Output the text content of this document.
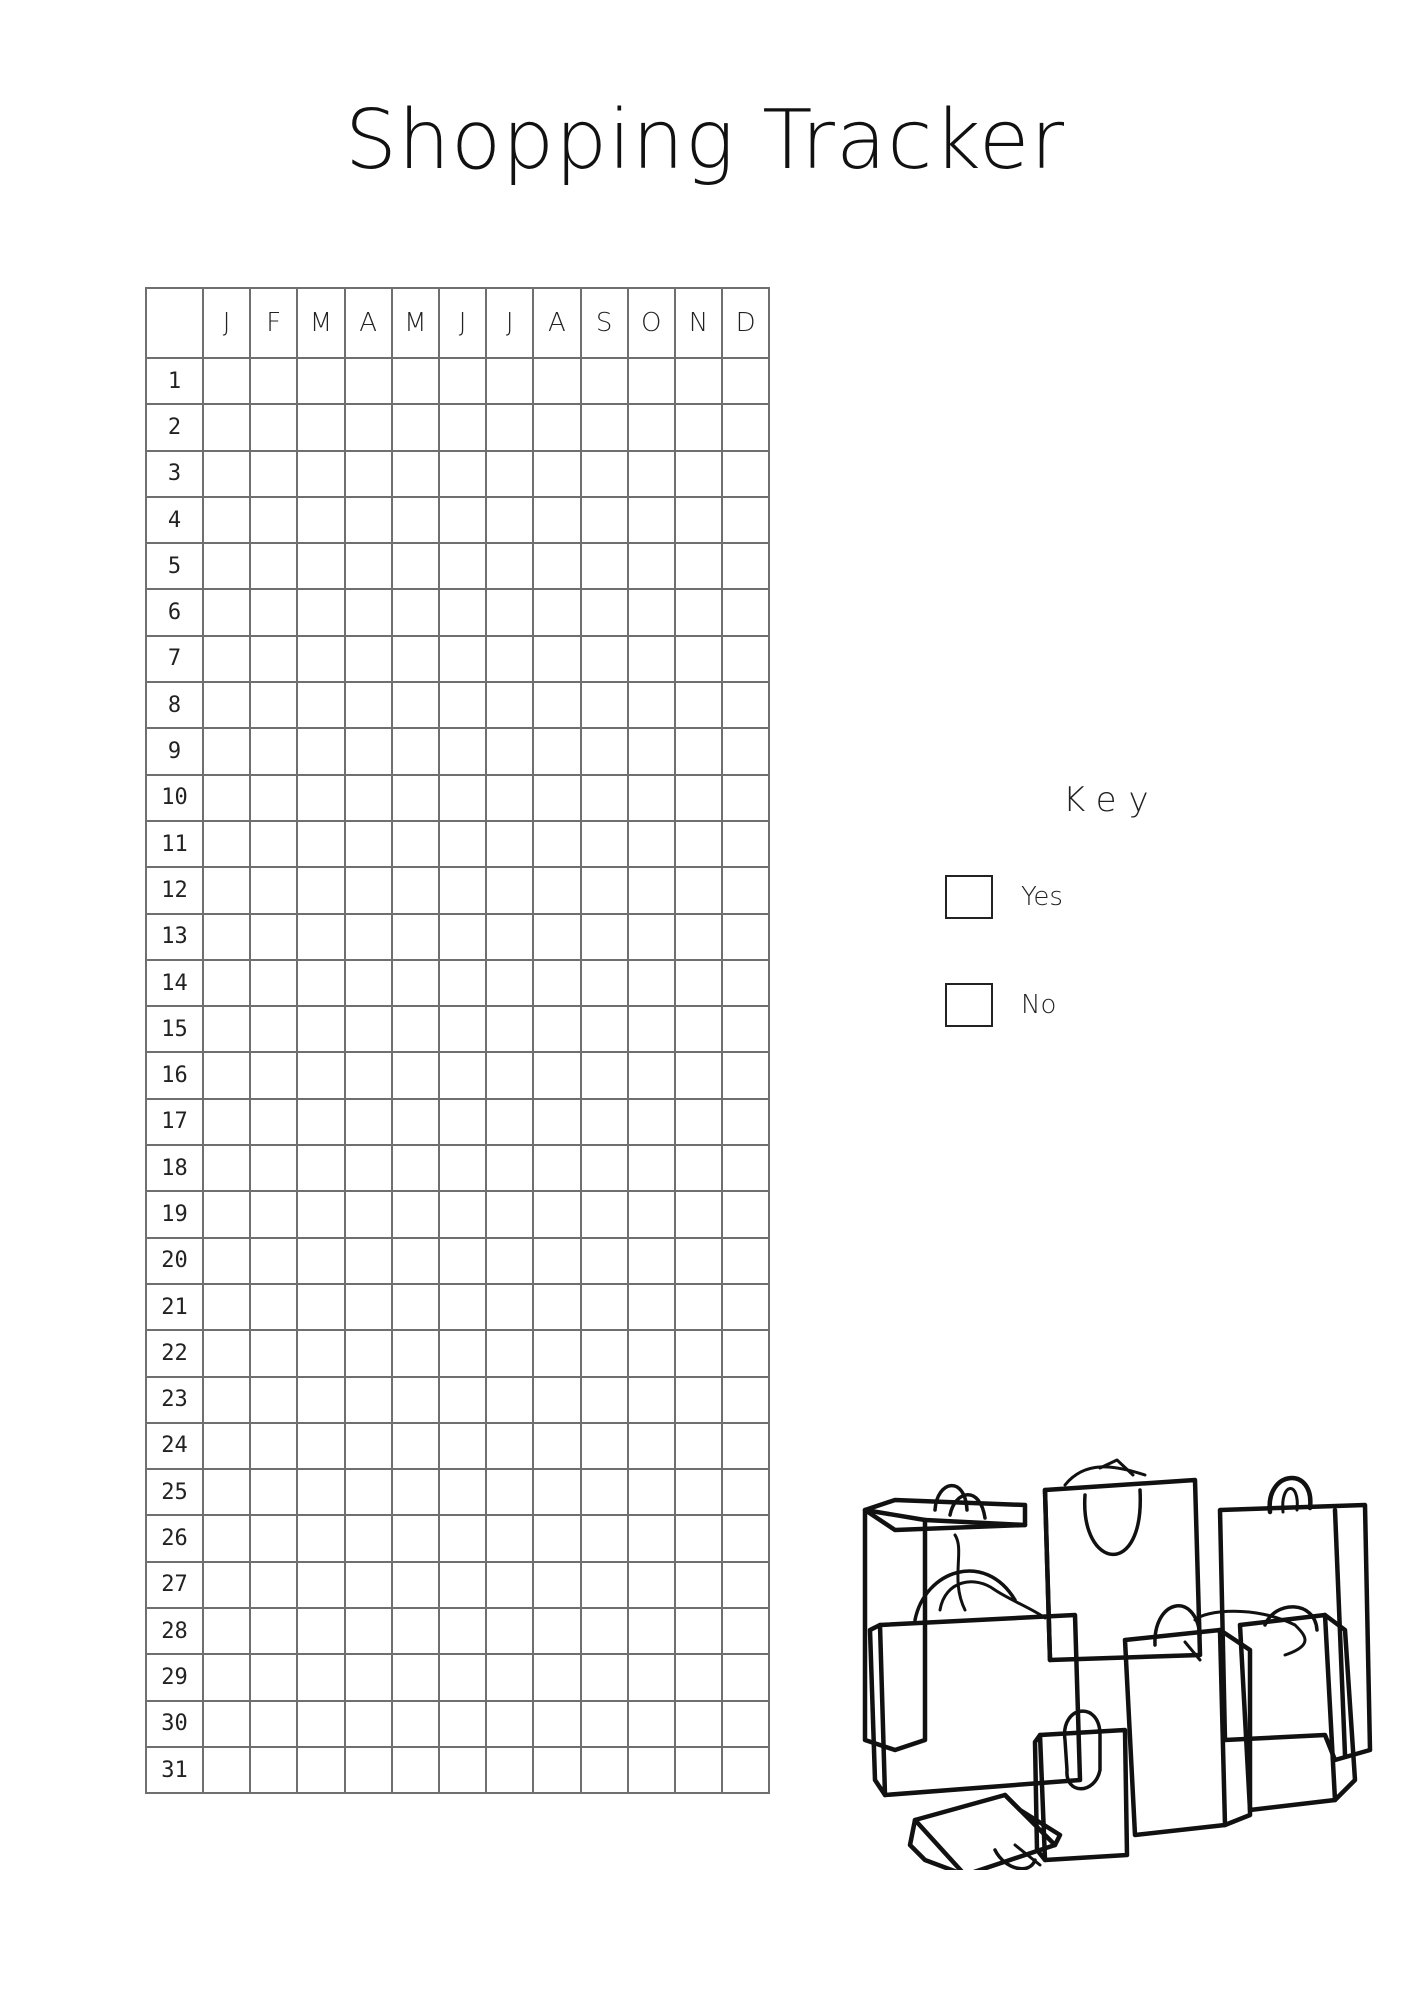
Shopping Tracker
	J	F	M	A	M	J	J	A	S	O	N	D
1												
2												
3												
4												
5												
6												
7												
8												
9												
10												
11												
12												
13												
14												
15												
16												
17												
18												
19												
20												
21												
22												
23												
24												
25												
26												
27												
28												
29												
30												
31												
Key
Yes
No
